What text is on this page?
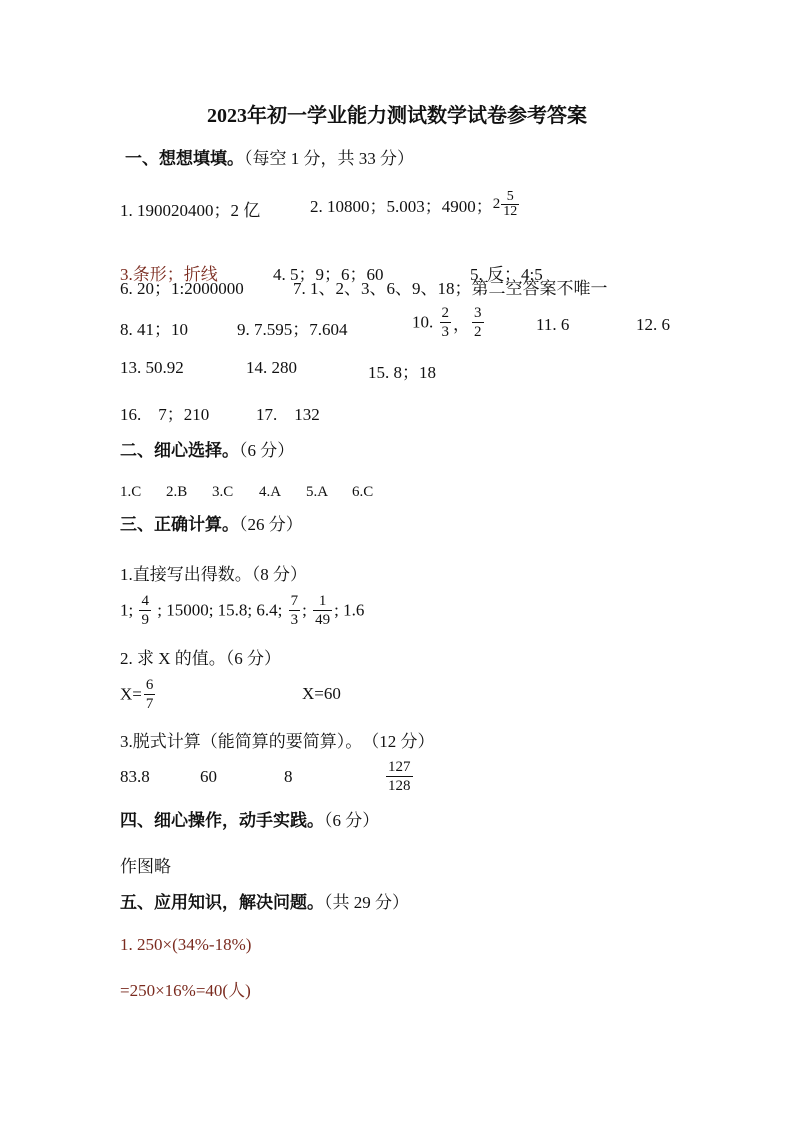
2023年初一学业能力测试数学试卷参考答案
一、想想填填。（每空 1 分，共 33 分）
1. 190020400；2 亿	2. 10800；5.003；4900；$2 \frac{5}{12}$
3.条形；折线	4. 5；9；6；60	5. 反；4:5
6. 20；1:2000000	7. 1、2、3、6、9、18；第二空答案不唯一
8. 41；10	9. 7.595；7.604	10. $\frac{2}{3}$ ， $\frac{3}{2}$	11. 6	12. 6
13. 50.92	14. 280	15. 8；18
16.　7；210	17.　132
二、细心选择。（6 分）
1.C 2.B 3.C 4.A 5.A 6.C
三、正确计算。（26 分）
1.直接写出得数。（8 分）
1; $\frac{4}{9}$ ; 15000; 15.8; 6.4; $\frac{7}{3}$ ; $\frac{1}{49}$ ; 1.6
2. 求 X 的值。（6 分）
$X= \frac{6}{7}$	X=60
3.脱式计算（能简算的要简算）。　（12 分）
83.8	60	8	$\frac{127}{128}$
四、细心操作，动手实践。（6 分）
作图略
五、应用知识，解决问题。（共 29 分）
1. 250×(34%-18%)
=250×16%=40(人)
